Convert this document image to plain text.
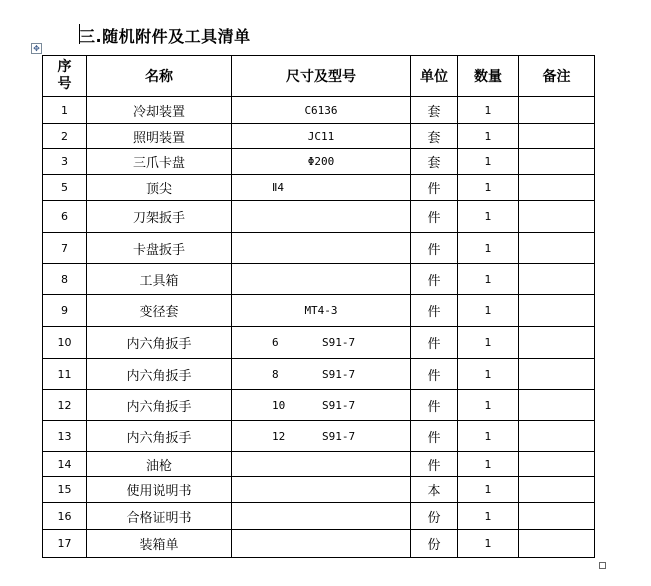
三.随机附件及工具清单
✥
序号	名称	尺寸及型号	单位	数量	备注
1	冷却装置	C6136	套	1	
2	照明装置	JC11	套	1	
3	三爪卡盘	Φ200	套	1	
5	顶尖	Ⅱ4	件	1	
6	刀架扳手		件	1	
7	卡盘扳手		件	1	
8	工具箱		件	1	
9	变径套	MT4-3	件	1	
10	内六角扳手	6 S91-7	件	1	
11	内六角扳手	8 S91-7	件	1	
12	内六角扳手	10 S91-7	件	1	
13	内六角扳手	12 S91-7	件	1	
14	油枪		件	1	
15	使用说明书		本	1	
16	合格证明书		份	1	
17	装箱单		份	1	
